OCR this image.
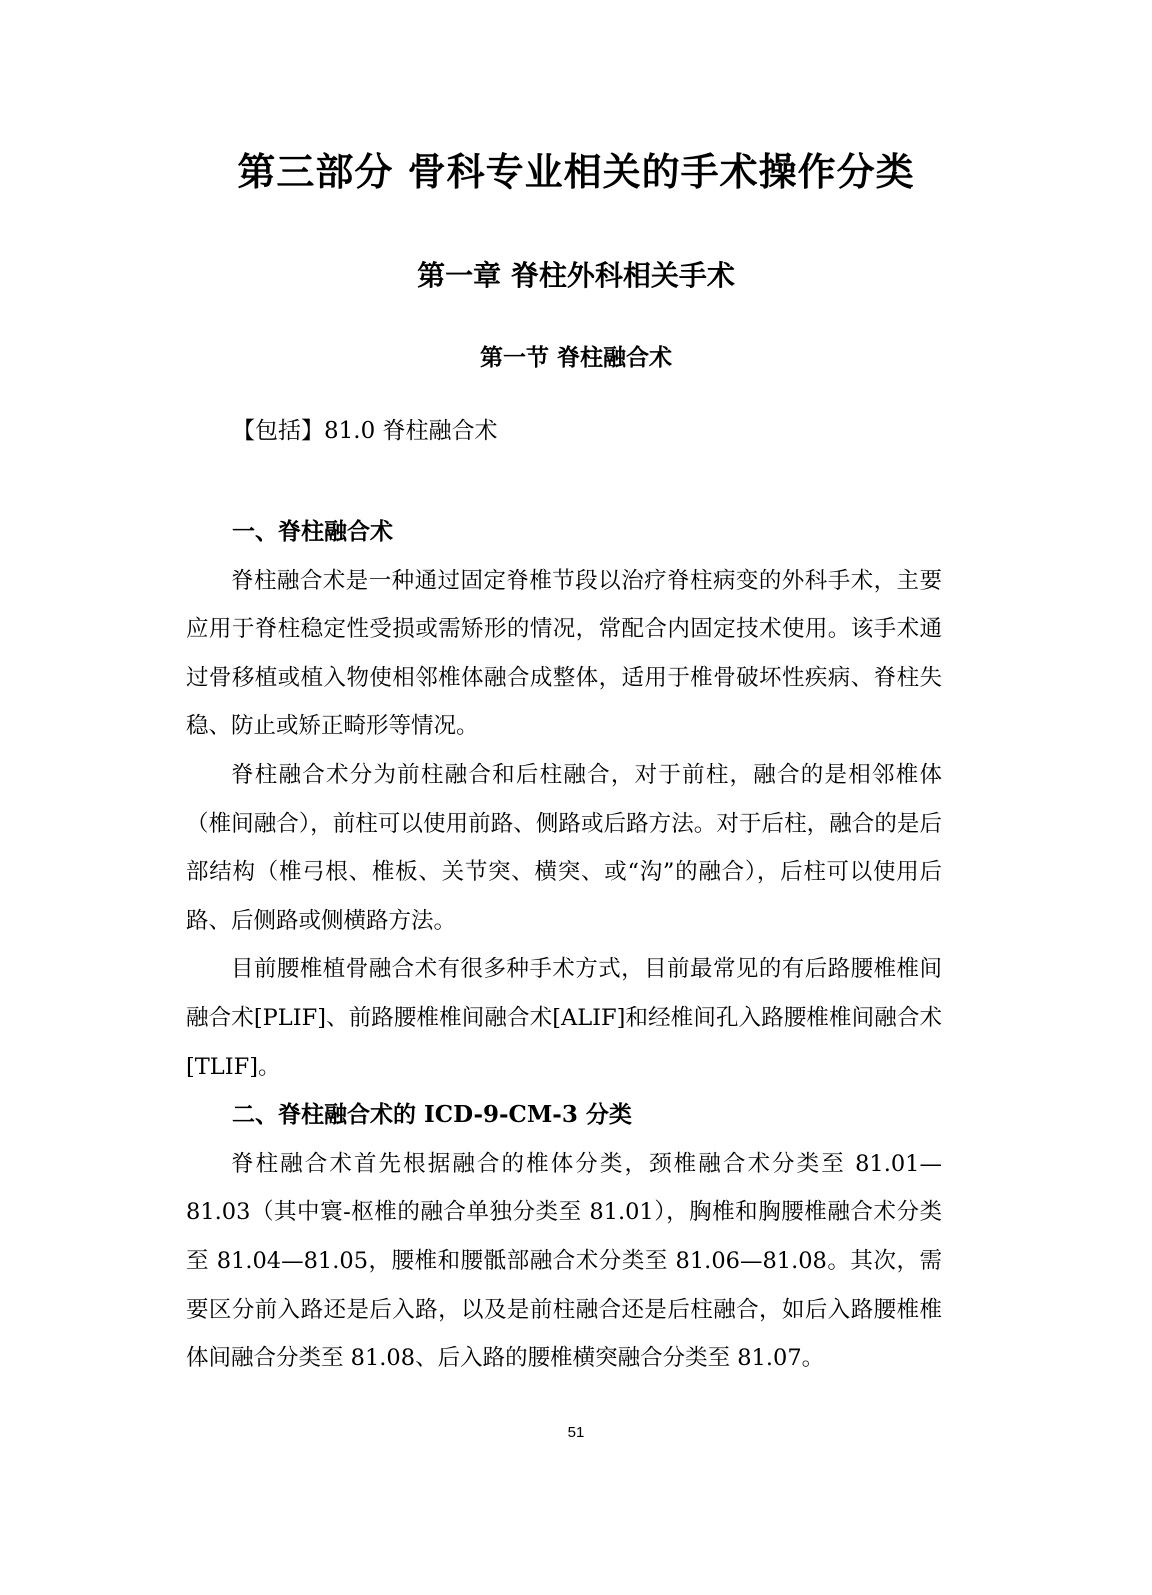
第三部分 骨科专业相关的手术操作分类
第一章 脊柱外科相关手术
第一节 脊柱融合术

【包括】81.0 脊柱融合术

一、脊柱融合术

脊柱融合术是一种通过固定脊椎节段以治疗脊柱病变的外科手术，主要应用于脊柱稳定性受损或需矫形的情况，常配合内固定技术使用。该手术通过骨移植或植入物使相邻椎体融合成整体，适用于椎骨破坏性疾病、脊柱失稳、防止或矫正畸形等情况。

脊柱融合术分为前柱融合和后柱融合，对于前柱，融合的是相邻椎体（椎间融合），前柱可以使用前路、侧路或后路方法。对于后柱，融合的是后部结构（椎弓根、椎板、关节突、横突、或“沟”的融合），后柱可以使用后路、后侧路或侧横路方法。

目前腰椎植骨融合术有很多种手术方式，目前最常见的有后路腰椎椎间融合术[PLIF]、前路腰椎椎间融合术[ALIF]和经椎间孔入路腰椎椎间融合术[TLIF]。

二、脊柱融合术的 ICD-9-CM-3 分类

脊柱融合术首先根据融合的椎体分类，颈椎融合术分类至 81.01—81.03（其中寰-枢椎的融合单独分类至 81.01），胸椎和胸腰椎融合术分类至 81.04—81.05，腰椎和腰骶部融合术分类至 81.06—81.08。其次，需要区分前入路还是后入路，以及是前柱融合还是后柱融合，如后入路腰椎椎体间融合分类至 81.08、后入路的腰椎横突融合分类至 81.07。

51
